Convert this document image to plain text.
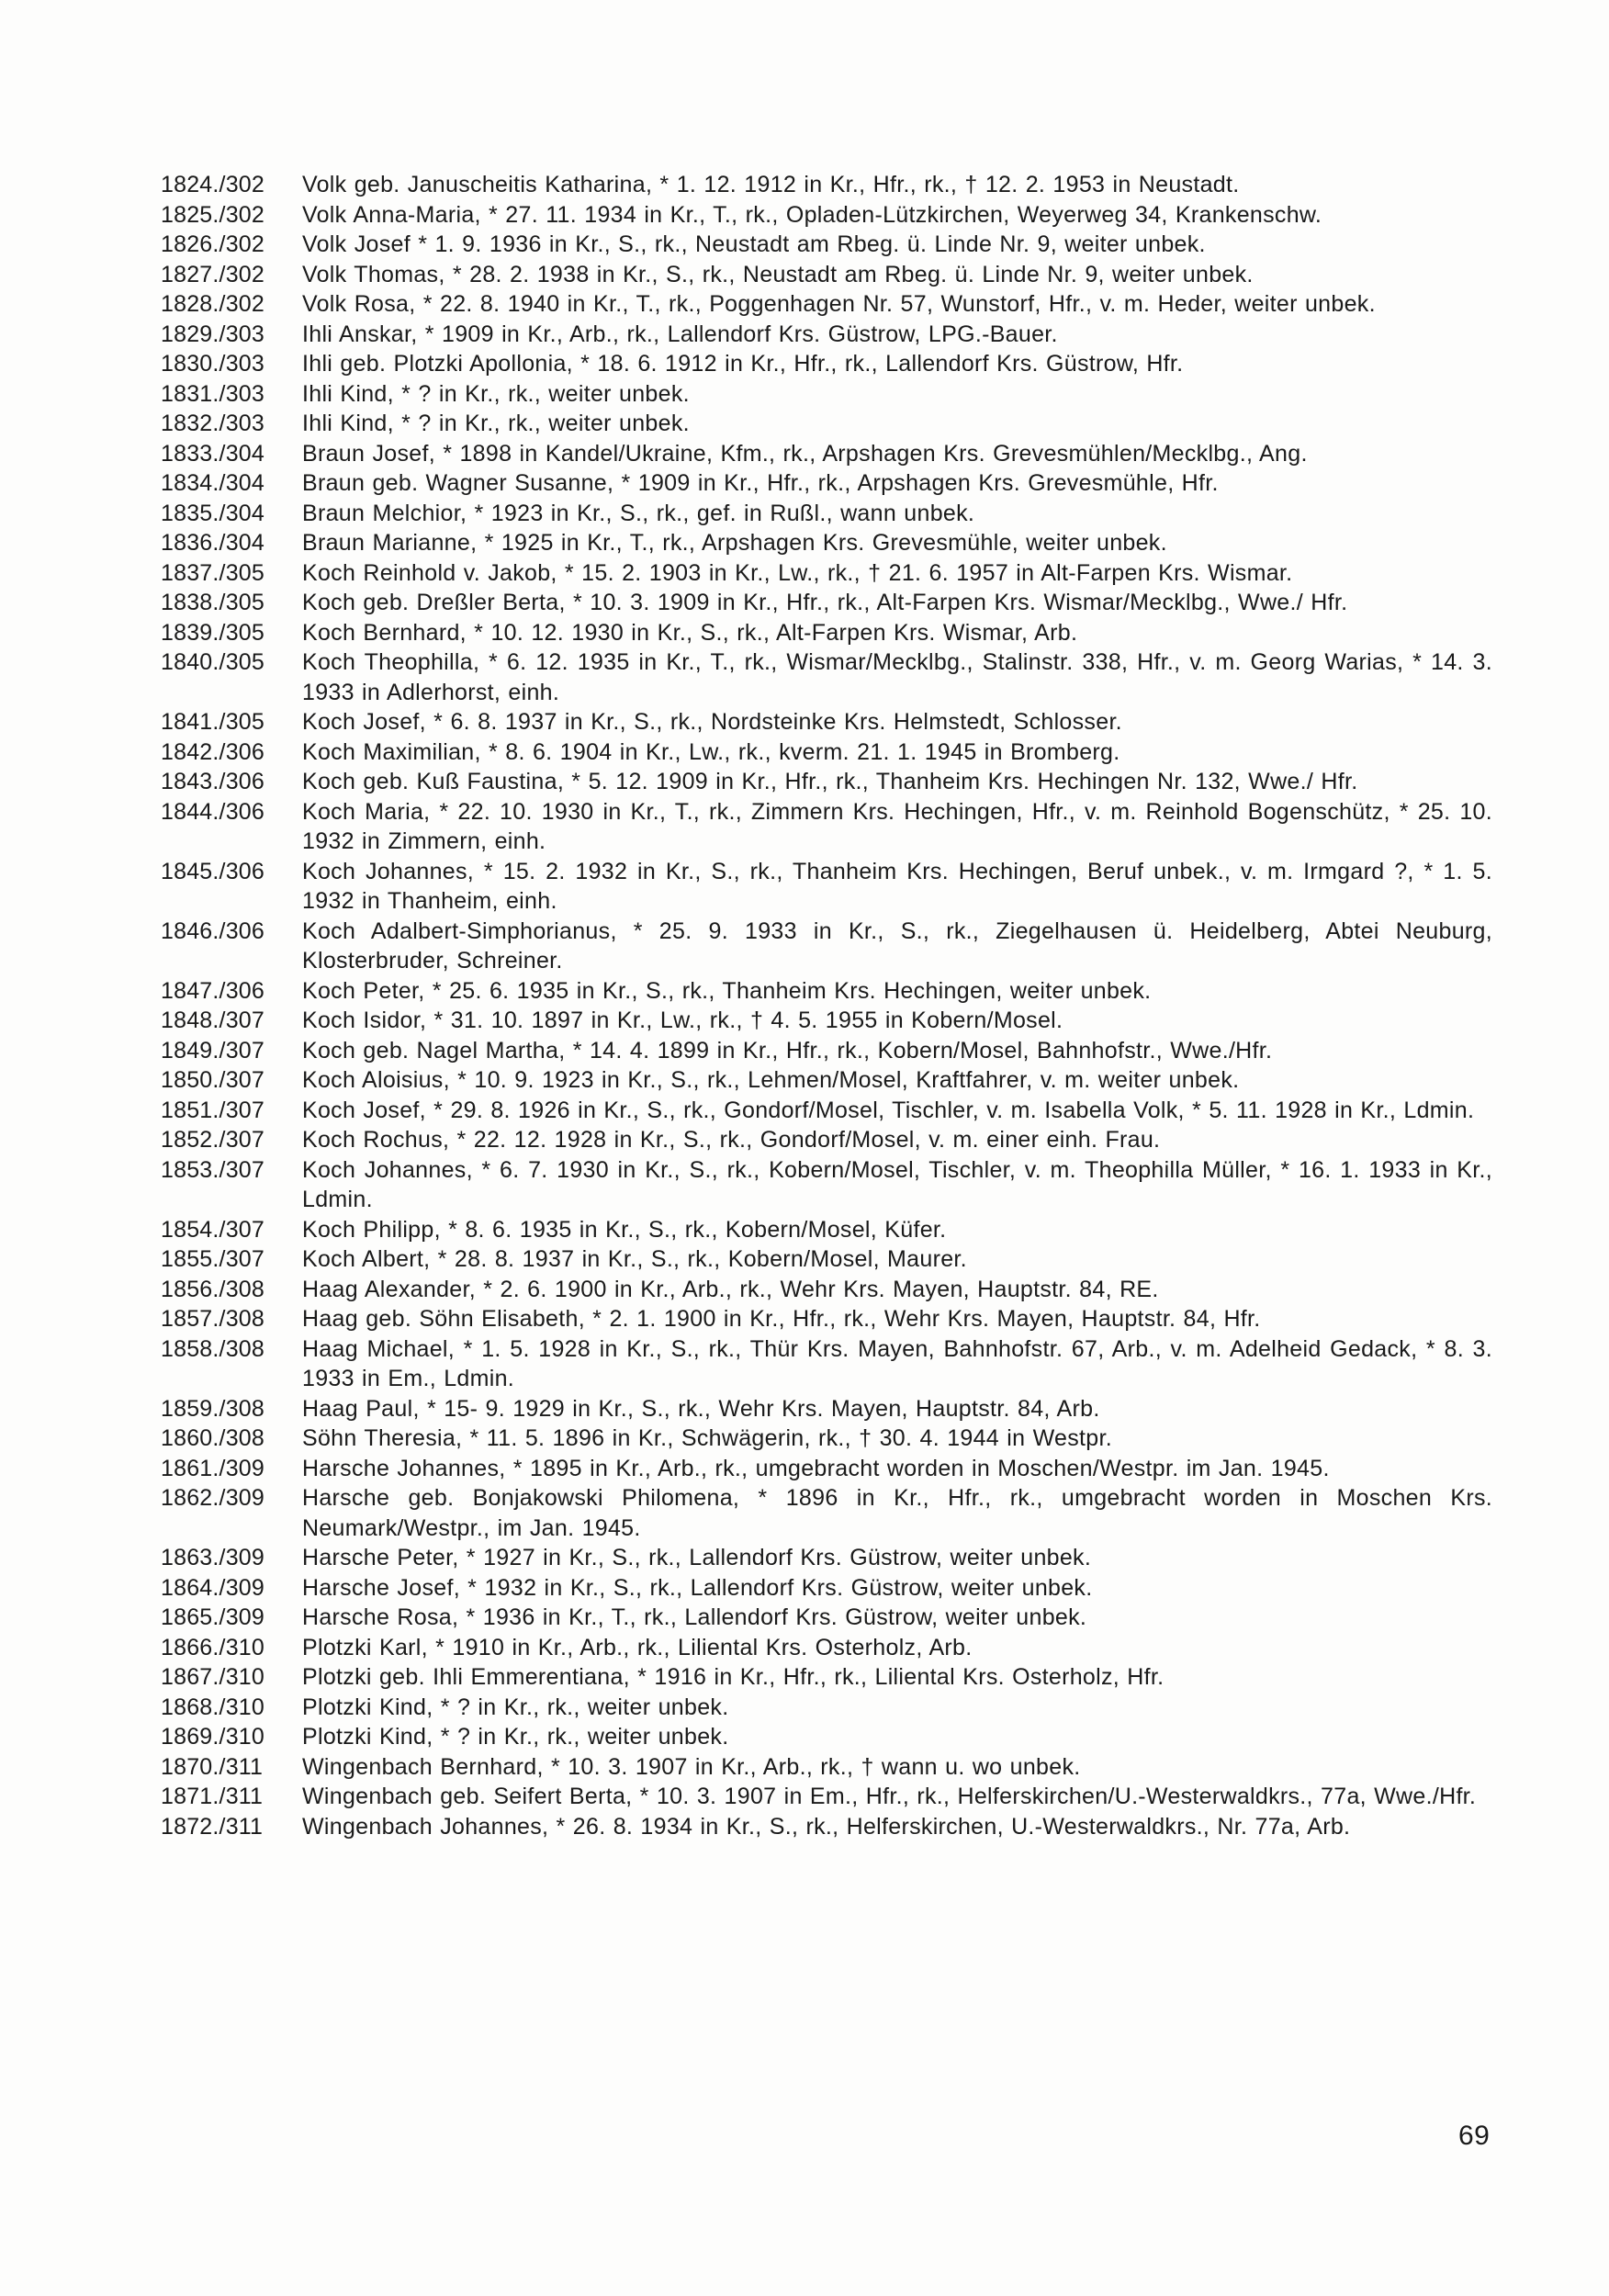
1824./302	Volk geb. Januscheitis Katharina, * 1. 12. 1912 in Kr., Hfr., rk., † 12. 2. 1953 in Neustadt.
1825./302	Volk Anna-Maria, * 27. 11. 1934 in Kr., T., rk., Opladen-Lützkirchen, Weyerweg 34, Krankenschw.
1826./302	Volk Josef * 1. 9. 1936 in Kr., S., rk., Neustadt am Rbeg. ü. Linde Nr. 9, weiter unbek.
1827./302	Volk Thomas, * 28. 2. 1938 in Kr., S., rk., Neustadt am Rbeg. ü. Linde Nr. 9, weiter unbek.
1828./302	Volk Rosa, * 22. 8. 1940 in Kr., T., rk., Poggenhagen Nr. 57, Wunstorf, Hfr., v. m. Heder, weiter unbek.
1829./303	Ihli Anskar, * 1909 in Kr., Arb., rk., Lallendorf Krs. Güstrow, LPG.-Bauer.
1830./303	Ihli geb. Plotzki Apollonia, * 18. 6. 1912 in Kr., Hfr., rk., Lallendorf Krs. Güstrow, Hfr.
1831./303	Ihli Kind, * ? in Kr., rk., weiter unbek.
1832./303	Ihli Kind, * ? in Kr., rk., weiter unbek.
1833./304	Braun Josef, * 1898 in Kandel/Ukraine, Kfm., rk., Arpshagen Krs. Grevesmühlen/Mecklbg., Ang.
1834./304	Braun geb. Wagner Susanne, * 1909 in Kr., Hfr., rk., Arpshagen Krs. Grevesmühle, Hfr.
1835./304	Braun Melchior, * 1923 in Kr., S., rk., gef. in Rußl., wann unbek.
1836./304	Braun Marianne, * 1925 in Kr., T., rk., Arpshagen Krs. Grevesmühle, weiter unbek.
1837./305	Koch Reinhold v. Jakob, * 15. 2. 1903 in Kr., Lw., rk., † 21. 6. 1957 in Alt-Farpen Krs. Wismar.
1838./305	Koch geb. Dreßler Berta, * 10. 3. 1909 in Kr., Hfr., rk., Alt-Farpen Krs. Wismar/Mecklbg., Wwe./ Hfr.
1839./305	Koch Bernhard, * 10. 12. 1930 in Kr., S., rk., Alt-Farpen Krs. Wismar, Arb.
1840./305	Koch Theophilla, * 6. 12. 1935 in Kr., T., rk., Wismar/Mecklbg., Stalinstr. 338, Hfr., v. m. Georg Warias, * 14. 3. 1933 in Adlerhorst, einh.
1841./305	Koch Josef, * 6. 8. 1937 in Kr., S., rk., Nordsteinke Krs. Helmstedt, Schlosser.
1842./306	Koch Maximilian, * 8. 6. 1904 in Kr., Lw., rk., kverm. 21. 1. 1945 in Bromberg.
1843./306	Koch geb. Kuß Faustina, * 5. 12. 1909 in Kr., Hfr., rk., Thanheim Krs. Hechingen Nr. 132, Wwe./ Hfr.
1844./306	Koch Maria, * 22. 10. 1930 in Kr., T., rk., Zimmern Krs. Hechingen, Hfr., v. m. Reinhold Bogenschütz, * 25. 10. 1932 in Zimmern, einh.
1845./306	Koch Johannes, * 15. 2. 1932 in Kr., S., rk., Thanheim Krs. Hechingen, Beruf unbek., v. m. Irmgard ?, * 1. 5. 1932 in Thanheim, einh.
1846./306	Koch Adalbert-Simphorianus, * 25. 9. 1933 in Kr., S., rk., Ziegelhausen ü. Heidelberg, Abtei Neuburg, Klosterbruder, Schreiner.
1847./306	Koch Peter, * 25. 6. 1935 in Kr., S., rk., Thanheim Krs. Hechingen, weiter unbek.
1848./307	Koch Isidor, * 31. 10. 1897 in Kr., Lw., rk., † 4. 5. 1955 in Kobern/Mosel.
1849./307	Koch geb. Nagel Martha, * 14. 4. 1899 in Kr., Hfr., rk., Kobern/Mosel, Bahnhofstr., Wwe./Hfr.
1850./307	Koch Aloisius, * 10. 9. 1923 in Kr., S., rk., Lehmen/Mosel, Kraftfahrer, v. m. weiter unbek.
1851./307	Koch Josef, * 29. 8. 1926 in Kr., S., rk., Gondorf/Mosel, Tischler, v. m. Isabella Volk, * 5. 11. 1928 in Kr., Ldmin.
1852./307	Koch Rochus, * 22. 12. 1928 in Kr., S., rk., Gondorf/Mosel, v. m. einer einh. Frau.
1853./307	Koch Johannes, * 6. 7. 1930 in Kr., S., rk., Kobern/Mosel, Tischler, v. m. Theophilla Müller, * 16. 1. 1933 in Kr., Ldmin.
1854./307	Koch Philipp, * 8. 6. 1935 in Kr., S., rk., Kobern/Mosel, Küfer.
1855./307	Koch Albert, * 28. 8. 1937 in Kr., S., rk., Kobern/Mosel, Maurer.
1856./308	Haag Alexander, * 2. 6. 1900 in Kr., Arb., rk., Wehr Krs. Mayen, Hauptstr. 84, RE.
1857./308	Haag geb. Söhn Elisabeth, * 2. 1. 1900 in Kr., Hfr., rk., Wehr Krs. Mayen, Hauptstr. 84, Hfr.
1858./308	Haag Michael, * 1. 5. 1928 in Kr., S., rk., Thür Krs. Mayen, Bahnhofstr. 67, Arb., v. m. Adelheid Gedack, * 8. 3. 1933 in Em., Ldmin.
1859./308	Haag Paul, * 15- 9. 1929 in Kr., S., rk., Wehr Krs. Mayen, Hauptstr. 84, Arb.
1860./308	Söhn Theresia, * 11. 5. 1896 in Kr., Schwägerin, rk., † 30. 4. 1944 in Westpr.
1861./309	Harsche Johannes, * 1895 in Kr., Arb., rk., umgebracht worden in Moschen/Westpr. im Jan. 1945.
1862./309	Harsche geb. Bonjakowski Philomena, * 1896 in Kr., Hfr., rk., umgebracht worden in Moschen Krs. Neumark/Westpr., im Jan. 1945.
1863./309	Harsche Peter, * 1927 in Kr., S., rk., Lallendorf Krs. Güstrow, weiter unbek.
1864./309	Harsche Josef, * 1932 in Kr., S., rk., Lallendorf Krs. Güstrow, weiter unbek.
1865./309	Harsche Rosa, * 1936 in Kr., T., rk., Lallendorf Krs. Güstrow, weiter unbek.
1866./310	Plotzki Karl, * 1910 in Kr., Arb., rk., Liliental Krs. Osterholz, Arb.
1867./310	Plotzki geb. Ihli Emmerentiana, * 1916 in Kr., Hfr., rk., Liliental Krs. Osterholz, Hfr.
1868./310	Plotzki Kind, * ? in Kr., rk., weiter unbek.
1869./310	Plotzki Kind, * ? in Kr., rk., weiter unbek.
1870./311	Wingenbach Bernhard, * 10. 3. 1907 in Kr., Arb., rk., † wann u. wo unbek.
1871./311	Wingenbach geb. Seifert Berta, * 10. 3. 1907 in Em., Hfr., rk., Helferskirchen/U.-Westerwaldkrs., 77a, Wwe./Hfr.
1872./311	Wingenbach Johannes, * 26. 8. 1934 in Kr., S., rk., Helferskirchen, U.-Westerwaldkrs., Nr. 77a, Arb.
69
